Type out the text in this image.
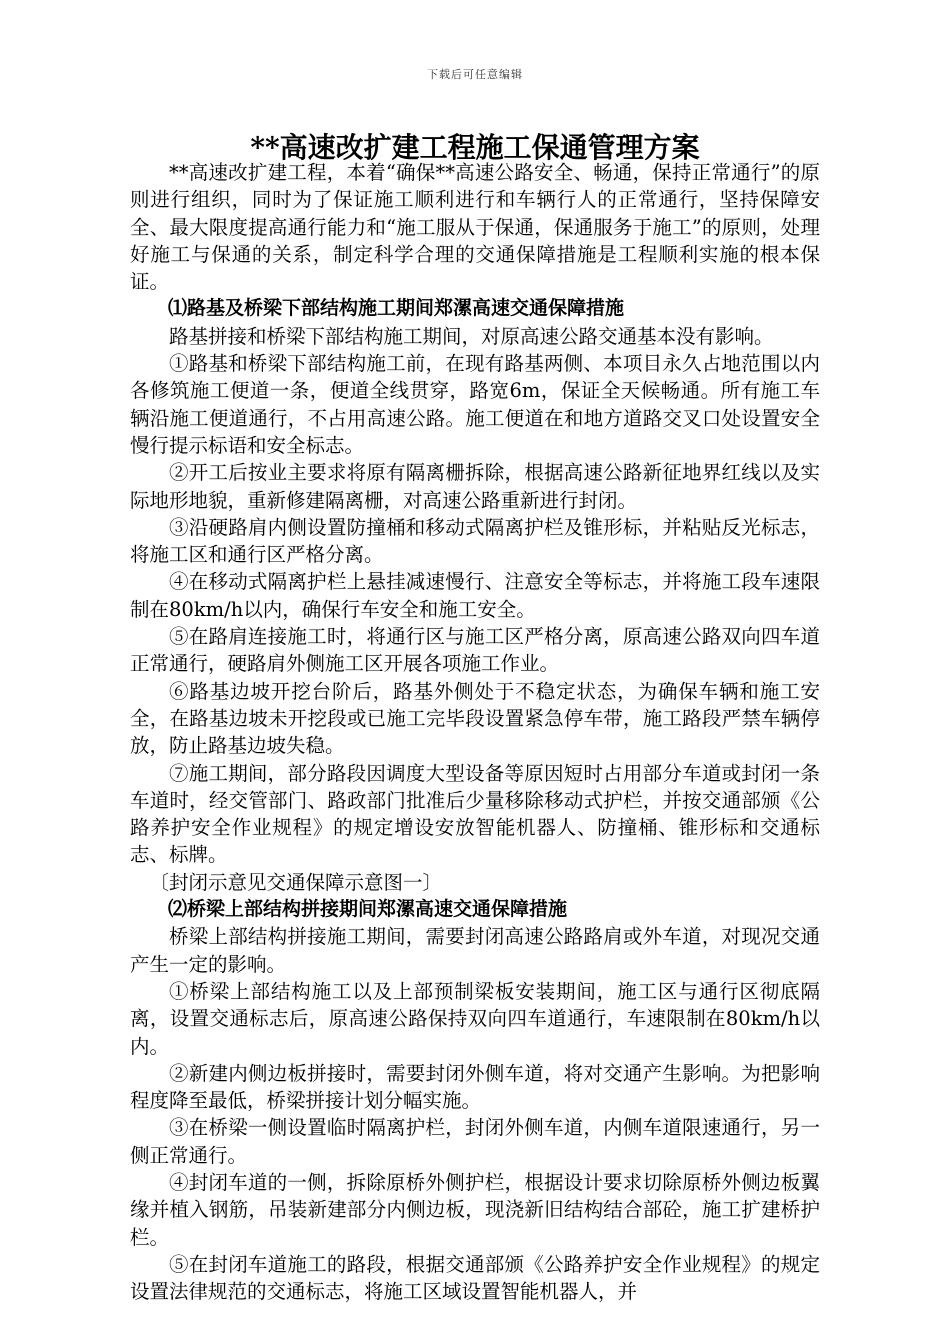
下载后可任意编辑
**高速改扩建工程施工保通管理方案

**高速改扩建工程，本着“确保**高速公路安全、畅通，保持正常通行”的原则进行组织，同时为了保证施工顺利进行和车辆行人的正常通行，坚持保障安全、最大限度提高通行能力和“施工服从于保通，保通服务于施工”的原则，处理好施工与保通的关系，制定科学合理的交通保障措施是工程顺利实施的根本保证。

⑴路基及桥梁下部结构施工期间郑漯高速交通保障措施

路基拼接和桥梁下部结构施工期间，对原高速公路交通基本没有影响。

①路基和桥梁下部结构施工前，在现有路基两侧、本项目永久占地范围以内各修筑施工便道一条，便道全线贯穿，路宽6m，保证全天候畅通。所有施工车辆沿施工便道通行，不占用高速公路。施工便道在和地方道路交叉口处设置安全慢行提示标语和安全标志。

②开工后按业主要求将原有隔离栅拆除，根据高速公路新征地界红线以及实际地形地貌，重新修建隔离栅，对高速公路重新进行封闭。

③沿硬路肩内侧设置防撞桶和移动式隔离护栏及锥形标，并粘贴反光标志，将施工区和通行区严格分离。

④在移动式隔离护栏上悬挂减速慢行、注意安全等标志，并将施工段车速限制在80km/h以内，确保行车安全和施工安全。

⑤在路肩连接施工时，将通行区与施工区严格分离，原高速公路双向四车道正常通行，硬路肩外侧施工区开展各项施工作业。

⑥路基边坡开挖台阶后，路基外侧处于不稳定状态，为确保车辆和施工安全，在路基边坡未开挖段或已施工完毕段设置紧急停车带，施工路段严禁车辆停放，防止路基边坡失稳。

⑦施工期间，部分路段因调度大型设备等原因短时占用部分车道或封闭一条车道时，经交管部门、路政部门批准后少量移除移动式护栏，并按交通部颁《公路养护安全作业规程》的规定增设安放智能机器人、防撞桶、锥形标和交通标志、标牌。

〔封闭示意见交通保障示意图一〕

⑵桥梁上部结构拼接期间郑漯高速交通保障措施

桥梁上部结构拼接施工期间，需要封闭高速公路路肩或外车道，对现况交通产生一定的影响。

①桥梁上部结构施工以及上部预制梁板安装期间，施工区与通行区彻底隔离，设置交通标志后，原高速公路保持双向四车道通行，车速限制在80km/h以内。

②新建内侧边板拼接时，需要封闭外侧车道，将对交通产生影响。为把影响程度降至最低，桥梁拼接计划分幅实施。

③在桥梁一侧设置临时隔离护栏，封闭外侧车道，内侧车道限速通行，另一侧正常通行。

④封闭车道的一侧，拆除原桥外侧护栏，根据设计要求切除原桥外侧边板翼缘并植入钢筋，吊装新建部分内侧边板，现浇新旧结构结合部砼，施工扩建桥护栏。

⑤在封闭车道施工的路段，根据交通部颁《公路养护安全作业规程》的规定设置法律规范的交通标志，将施工区域设置智能机器人，并
